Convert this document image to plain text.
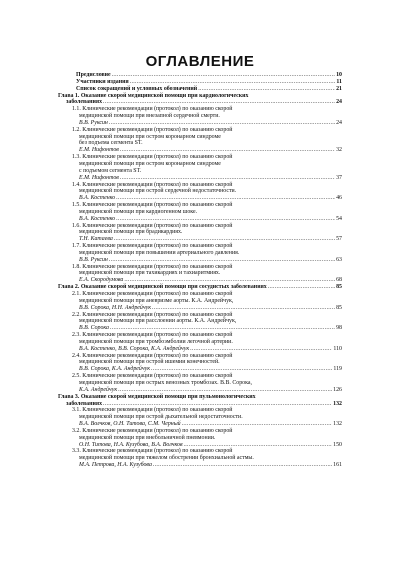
ОГЛАВЛЕНИЕ
Предисловие . . .	10
Участники издания . . .	11
Список сокращений и условных обозначений . . .	21
Глава 1. Оказание скорой медицинской помощи при кардиологических
заболеваниях . . .	24
1.1. Клинические рекомендации (протокол) по оказанию скорой
медицинской помощи при внезапной сердечной смерти.
В.В. Руксин . . .	24
1.2. Клинические рекомендации (протокол) по оказанию скорой
медицинской помощи при остром коронарном синдроме
без подъема сегмента ST.
Е.М. Нифонтов . . .	32
1.3. Клинические рекомендации (протокол) по оказанию скорой
медицинской помощи при остром коронарном синдроме
с подъемом сегмента ST.
Е.М. Нифонтов . . .	37
1.4. Клинические рекомендации (протокол) по оказанию скорой
медицинской помощи при острой сердечной недостаточности.
В.А. Костенко . . .	46
1.5. Клинические рекомендации (протокол) по оказанию скорой
медицинской помощи при кардиогенном шоке.
В.А. Костенко . . .	54
1.6. Клинические рекомендации (протокол) по оказанию скорой
медицинской помощи при брадикардиях.
Т.Н. Катаева . . .	57
1.7. Клинические рекомендации (протокол) по оказанию скорой
медицинской помощи при повышении артериального давления.
В.В. Руксин . . .	63
1.8. Клинические рекомендации (протокол) по оказанию скорой
медицинской помощи при тахикардиях и тахиаритмиях.
Е.А. Скородумова . . .	68
Глава 2. Оказание скорой медицинской помощи при сосудистых заболеваниях . . .	85
2.1. Клинические рекомендации (протокол) по оказанию скорой
медицинской помощи при аневризме аорты. К.А. Андрейчук,
В.В. Сорока, Н.Н. Андрейчук . . .	85
2.2. Клинические рекомендации (протокол) по оказанию скорой
медицинской помощи при расслоении аорты. К.А. Андрейчук,
В.В. Сорока . . .	98
2.3. Клинические рекомендации (протокол) по оказанию скорой
медицинской помощи при тромбоэмболии легочной артерии.
В.А. Костенко, В.В. Сорока, К.А. Андрейчук . . .	110
2.4. Клинические рекомендации (протокол) по оказанию скорой
медицинской помощи при острой ишемии конечностей.
В.В. Сорока, К.А. Андрейчук . . .	119
2.5. Клинические рекомендации (протокол) по оказанию скорой
медицинской помощи при острых венозных тромбозах. В.В. Сорока,
К.А. Андрейчук . . .	126
Глава 3. Оказание скорой медицинской помощи при пульмонологических
заболеваниях . . .	132
3.1. Клинические рекомендации (протокол) по оказанию скорой
медицинской помощи при острой дыхательной недостаточности.
В.А. Волчков, О.Н. Титова, С.М. Черный . . .	132
3.2. Клинические рекомендации (протокол) по оказанию скорой
медицинской помощи при внебольничной пневмонии.
О.Н. Титова, Н.А. Кузубова, В.А. Волчков . . .	150
3.3. Клинические рекомендации (протокол) по оказанию скорой
медицинской помощи при тяжелом обострении бронхиальной астмы.
М.А. Петрова, Н.А. Кузубова . . .	161
